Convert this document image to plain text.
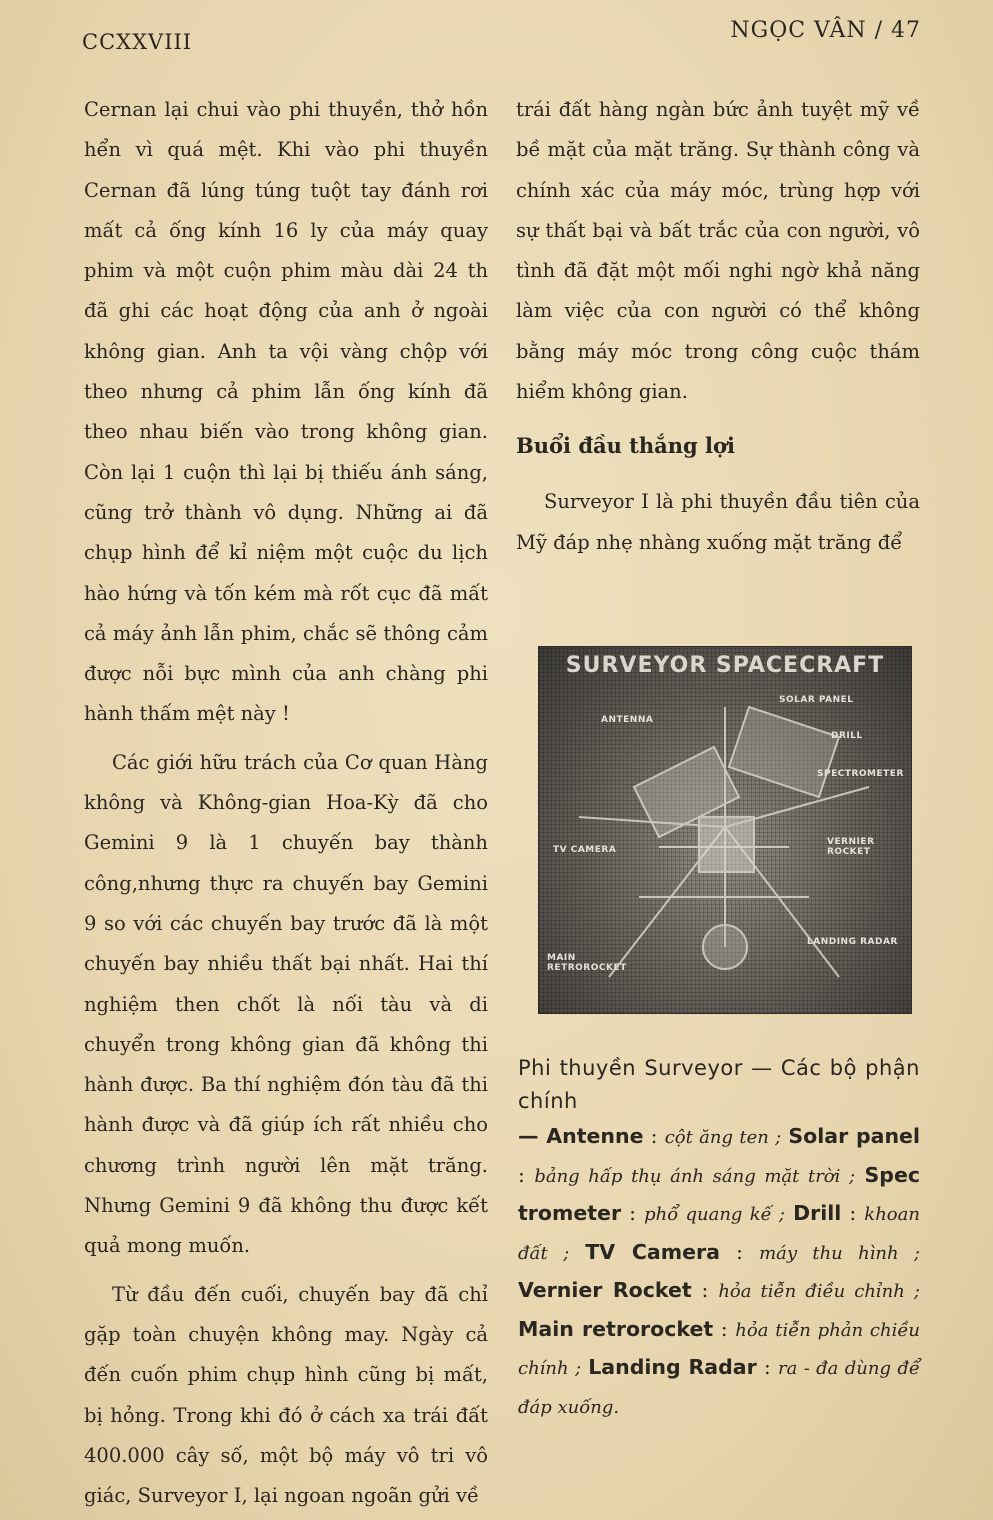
CCXXVIII	NGỌC VÂN / 47

Cernan lại chui vào phi thuyền, thở hồn hển vì quá mệt. Khi vào phi thuyền Cernan đã lúng túng tuột tay đánh rơi mất cả ống kính 16 ly của máy quay phim và một cuộn phim màu dài 24 th đã ghi các hoạt động của anh ở ngoài không gian. Anh ta vội vàng chộp với theo nhưng cả phim lẫn ống kính đã theo nhau biến vào trong không gian. Còn lại 1 cuộn thì lại bị thiếu ánh sáng, cũng trở thành vô dụng. Những ai đã chụp hình để kỉ niệm một cuộc du lịch hào hứng và tốn kém mà rốt cục đã mất cả máy ảnh lẫn phim, chắc sẽ thông cảm được nỗi bực mình của anh chàng phi hành thấm mệt này !

Các giới hữu trách của Cơ quan Hàng không và Không-gian Hoa-Kỳ đã cho Gemini 9 là 1 chuyến bay thành công,nhưng thực ra chuyến bay Gemini 9 so với các chuyến bay trước đã là một chuyến bay nhiều thất bại nhất. Hai thí nghiệm then chốt là nối tàu và di chuyển trong không gian đã không thi hành được. Ba thí nghiệm đón tàu đã thi hành được và đã giúp ích rất nhiều cho chương trình người lên mặt trăng. Nhưng Gemini 9 đã không thu được kết quả mong muốn.

Từ đầu đến cuối, chuyến bay đã chỉ gặp toàn chuyện không may. Ngày cả đến cuốn phim chụp hình cũng bị mất, bị hỏng. Trong khi đó ở cách xa trái đất 400.000 cây số, một bộ máy vô tri vô giác, Surveyor I, lại ngoan ngoãn gửi về

trái đất hàng ngàn bức ảnh tuyệt mỹ về bề mặt của mặt trăng. Sự thành công và chính xác của máy móc, trùng hợp với sự thất bại và bất trắc của con người, vô tình đã đặt một mối nghi ngờ khả năng làm việc của con người có thể không bằng máy móc trong công cuộc thám hiểm không gian.

Buổi đầu thắng lợi

Surveyor I là phi thuyền đầu tiên của Mỹ đáp nhẹ nhàng xuống mặt trăng để

SURVEYOR SPACECRAFT
SOLAR PANEL
ANTENNA
DRILL
SPECTROMETER
TV CAMERA
VERNIER ROCKET
LANDING RADAR
MAIN RETROROCKET
Phi thuyền Surveyor — Các bộ phận chính
— Antenne : cột ăng ten ; Solar panel : bảng hấp thụ ánh sáng mặt trời ; Spec trometer : phổ quang kế ; Drill : khoan đất ; TV Camera : máy thu hình ; Vernier Rocket : hỏa tiễn điều chỉnh ; Main retrorocket : hỏa tiễn phản chiều chính ; Landing Radar : ra - đa dùng để đáp xuống.
